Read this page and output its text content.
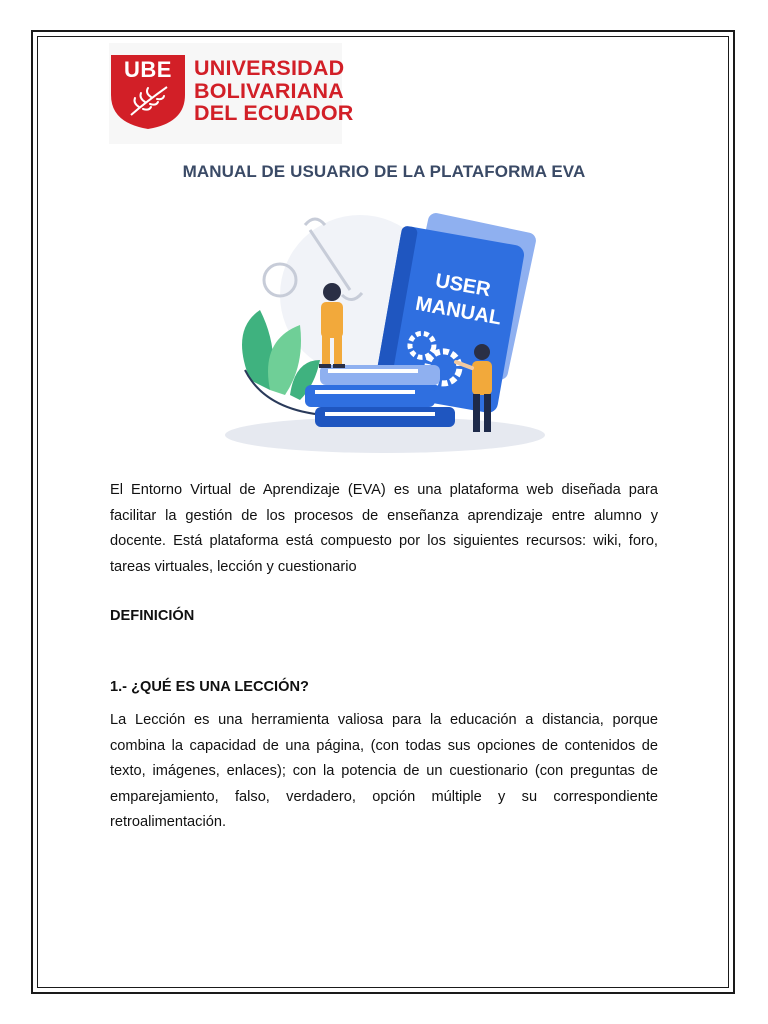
UBE	UNIVERSIDAD
BOLIVARIANA
DEL ECUADOR
MANUAL DE USUARIO DE LA PLATAFORMA EVA
USER
MANUAL
El Entorno Virtual de Aprendizaje (EVA) es una plataforma web diseñada para
facilitar la gestión de los procesos de enseñanza aprendizaje entre alumno y
docente. Está plataforma está compuesto por los siguientes recursos: wiki, foro,
tareas virtuales, lección y cuestionario
DEFINICIÓN
1.- ¿QUÉ ES UNA LECCIÓN?
La Lección es una herramienta valiosa para la educación a distancia, porque
combina la capacidad de una página, (con todas sus opciones de contenidos de
texto, imágenes, enlaces); con la potencia de un cuestionario (con preguntas de
emparejamiento, falso, verdadero, opción múltiple y su correspondiente
retroalimentación.
